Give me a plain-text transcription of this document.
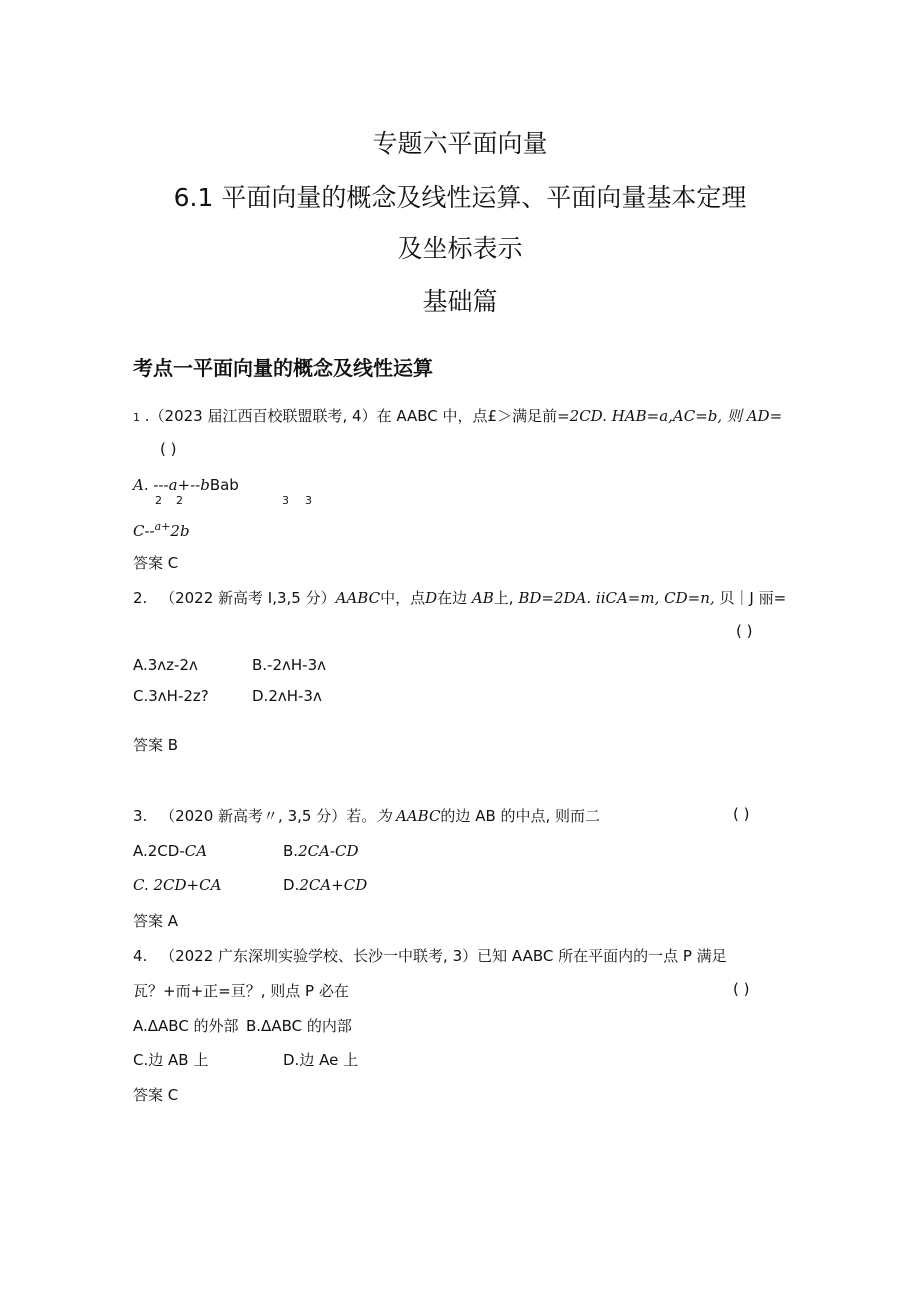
专题六平面向量
6.1 平面向量的概念及线性运算、平面向量基本定理
及坐标表示
基础篇
考点一平面向量的概念及线性运算
1 .（2023 届江西百校联盟联考, 4）在 AABC 中，点£＞满足前=2CD. HAB=a,AC=b, 则 AD=
( )
A. ---a+--bBab
2 2	3 3
C--$^{a+}$2b
答案 C
2. （2022 新高考 I,3,5 分）AABC中，点D在边 AB上, BD=2DA. iiCA=m, CD=n, 贝｜J 丽=
( )
A.3ʌz-2ʌ	B.-2ʌH-3ʌ
C.3ʌH-2z?	D.2ʌH-3ʌ
答案 B
3. （2020 新高考〃, 3,5 分）若。为 AABC的边 AB 的中点, 则而二	( )
A.2CD-CA	B.2CA-CD
C. 2CD+CA	D.2CA+CD
答案 A
4. （2022 广东深圳实验学校、长沙一中联考, 3）已知 AABC 所在平面内的一点 P 满足
瓦？+而+正=亘？, 则点 P 必在	( )
A.ΔABC 的外部 B.ΔABC 的内部
C.边 AB 上	D.边 Ae 上
答案 C
